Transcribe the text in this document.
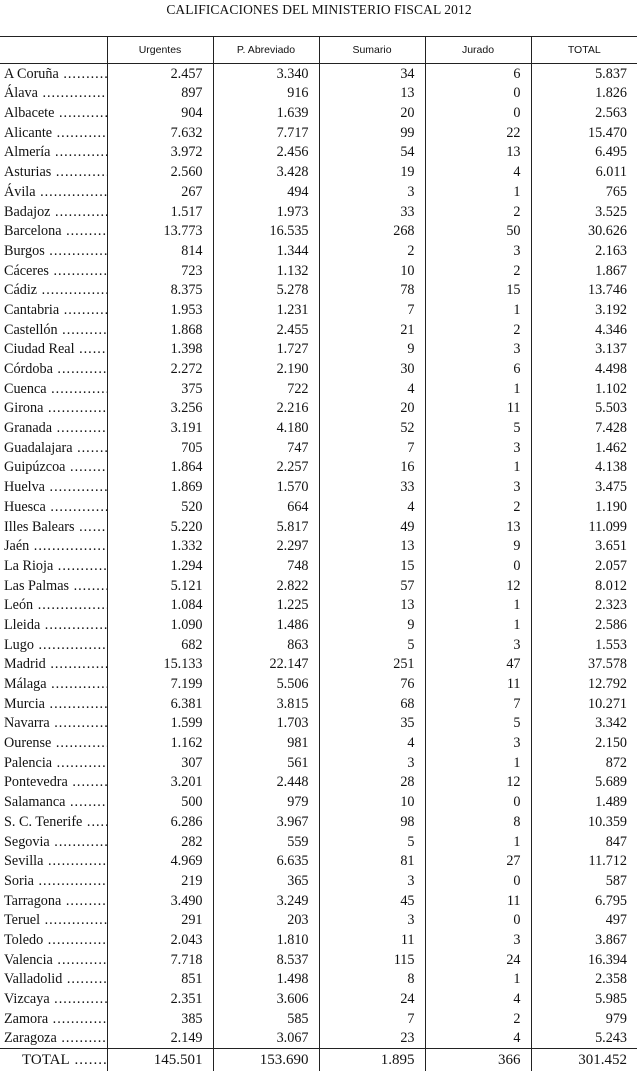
CALIFICACIONES DEL MINISTERIO FISCAL 2012
	Urgentes	P. Abreviado	Sumario	Jurado	TOTAL
A Coruña .....	2.457	3.340	34	6	5.837
Álava .....	897	916	13	0	1.826
Albacete .....	904	1.639	20	0	2.563
Alicante .....	7.632	7.717	99	22	15.470
Almería .....	3.972	2.456	54	13	6.495
Asturias .....	2.560	3.428	19	4	6.011
Ávila .....	267	494	3	1	765
Badajoz .....	1.517	1.973	33	2	3.525
Barcelona .....	13.773	16.535	268	50	30.626
Burgos .....	814	1.344	2	3	2.163
Cáceres .....	723	1.132	10	2	1.867
Cádiz .....	8.375	5.278	78	15	13.746
Cantabria .....	1.953	1.231	7	1	3.192
Castellón .....	1.868	2.455	21	2	4.346
Ciudad Real .....	1.398	1.727	9	3	3.137
Córdoba .....	2.272	2.190	30	6	4.498
Cuenca .....	375	722	4	1	1.102
Girona .....	3.256	2.216	20	11	5.503
Granada .....	3.191	4.180	52	5	7.428
Guadalajara .....	705	747	7	3	1.462
Guipúzcoa .....	1.864	2.257	16	1	4.138
Huelva .....	1.869	1.570	33	3	3.475
Huesca .....	520	664	4	2	1.190
Illes Balears .....	5.220	5.817	49	13	11.099
Jaén .....	1.332	2.297	13	9	3.651
La Rioja .....	1.294	748	15	0	2.057
Las Palmas .....	5.121	2.822	57	12	8.012
León .....	1.084	1.225	13	1	2.323
Lleida .....	1.090	1.486	9	1	2.586
Lugo .....	682	863	5	3	1.553
Madrid .....	15.133	22.147	251	47	37.578
Málaga .....	7.199	5.506	76	11	12.792
Murcia .....	6.381	3.815	68	7	10.271
Navarra .....	1.599	1.703	35	5	3.342
Ourense .....	1.162	981	4	3	2.150
Palencia .....	307	561	3	1	872
Pontevedra .....	3.201	2.448	28	12	5.689
Salamanca .....	500	979	10	0	1.489
S. C. Tenerife .....	6.286	3.967	98	8	10.359
Segovia .....	282	559	5	1	847
Sevilla .....	4.969	6.635	81	27	11.712
Soria .....	219	365	3	0	587
Tarragona .....	3.490	3.249	45	11	6.795
Teruel .....	291	203	3	0	497
Toledo .....	2.043	1.810	11	3	3.867
Valencia .....	7.718	8.537	115	24	16.394
Valladolid .....	851	1.498	8	1	2.358
Vizcaya .....	2.351	3.606	24	4	5.985
Zamora .....	385	585	7	2	979
Zaragoza .....	2.149	3.067	23	4	5.243
TOTAL .....	145.501	153.690	1.895	366	301.452
